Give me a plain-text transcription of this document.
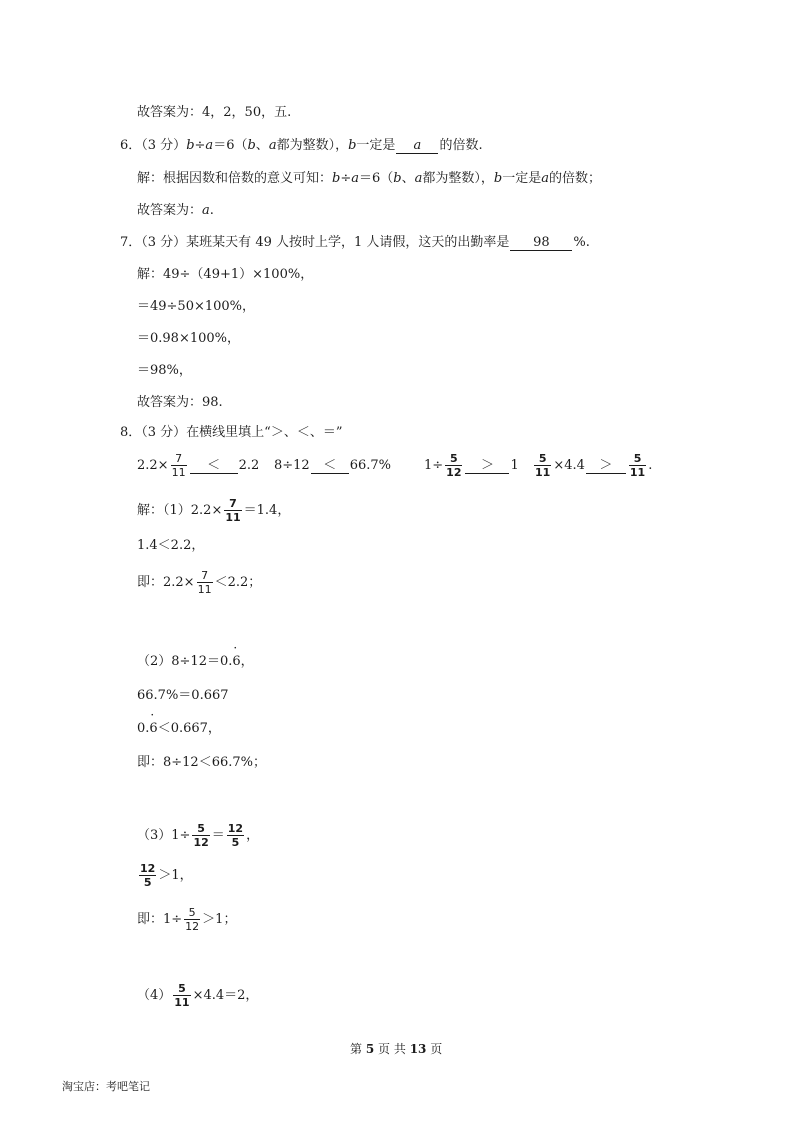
故答案为：4，2，50，五.
6．（3 分）b÷a＝6（b、a都为整数），b一定是 a 的倍数.
解：根据因数和倍数的意义可知：b÷a＝6（b、a都为整数），b一定是a的倍数；
故答案为：a.
7．（3 分）某班某天有 49 人按时上学，1 人请假，这天的出勤率是 98 %.
解：49÷（49+1）×100%，
＝49÷50×100%，
＝0.98×100%，
＝98%，
故答案为：98.
8．（3 分）在横线里填上“＞、＜、＝”
$2.2\times \frac{7}{11} < 2.2$ 8÷12 ＜ 66.7%	$1\div \frac{5}{12} > 1 \frac{5}{11} \times 4.4 > \frac{5}{11}$ .
解：$(1)2.2\times \frac{7}{11} =1.4$，
1.4＜2.2，
即：$2.2\times \frac{7}{11} <2.2$；
（2）8÷12＝0.· 6，
66.7%＝0.667
0.· 6＜0.667，
即：8÷12＜66.7%；
$(3)1\div \frac{5}{12} = \frac{12}{5}$ ，
$\frac{12}{5} >1$，
即：$1\div \frac{5}{12} >1$；
$(4) \frac{5}{11} \times 4.4=2$，
第 5 页 共 13 页
淘宝店：考吧笔记
